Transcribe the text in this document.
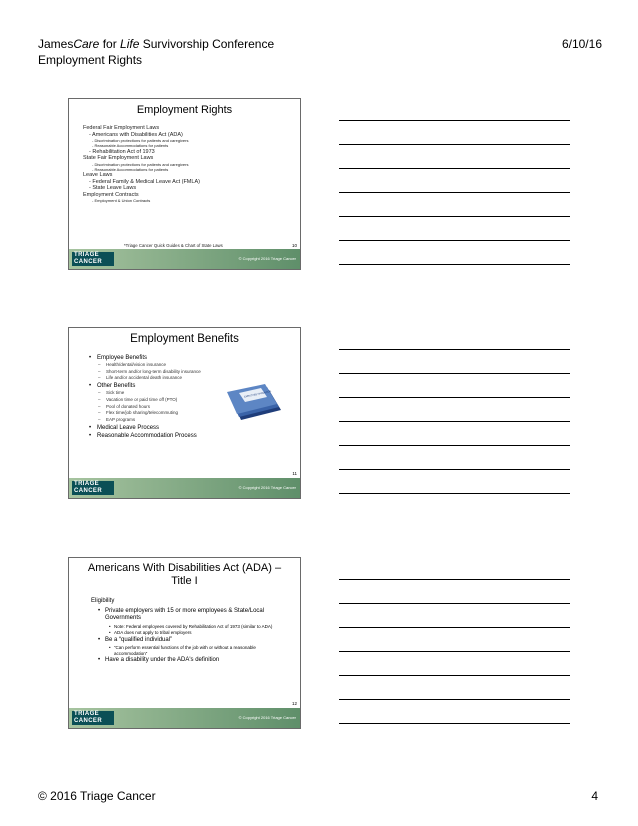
JamesCare for Life Survivorship Conference
Employment Rights
6/10/16
Employment Rights
Federal Fair Employment Laws
- Americans with Disabilities Act (ADA)
- Discrimination protections for patients and caregivers
- Reasonable Accommodations for patients
- Rehabilitation Act of 1973
State Fair Employment Laws
- Discrimination protections for patients and caregivers
- Reasonable Accommodations for patients
Leave Laws
- Federal Family & Medical Leave Act (FMLA)
- State Leave Laws
Employment Contracts
- Employment & Union Contracts
*Triage Cancer Quick Guides & Chart of State Laws	10
TRIAGE
CANCER
© Copyright 2016 Triage Cancer
Employment Benefits
• Employee Benefits
– Health/dental/vision insurance
– Short-term and/or long-term disability insurance
– Life and/or accidental death insurance
• Other Benefits
– Sick time
– Vacation time or paid time off (PTO)
– Pool of donated hours
– Flex time/job sharing/telecommuting
– EAP programs
• Medical Leave Process
• Reasonable Accommodation Process
EMPLOYEE HANDBOOK
11
TRIAGE
CANCER
© Copyright 2016 Triage Cancer
Americans With Disabilities Act (ADA) –
Title I
Eligibility
• Private employers with 15 or more employees & State/Local Governments
• Note: Federal employees covered by Rehabilitation Act of 1973 (similar to ADA)
• ADA does not apply to tribal employers
• Be a “qualified individual”
• “Can perform essential functions of the job with or without a reasonable accommodation”
• Have a disability under the ADA's definition
12
TRIAGE
CANCER
© Copyright 2016 Triage Cancer
© 2016 Triage Cancer	4
